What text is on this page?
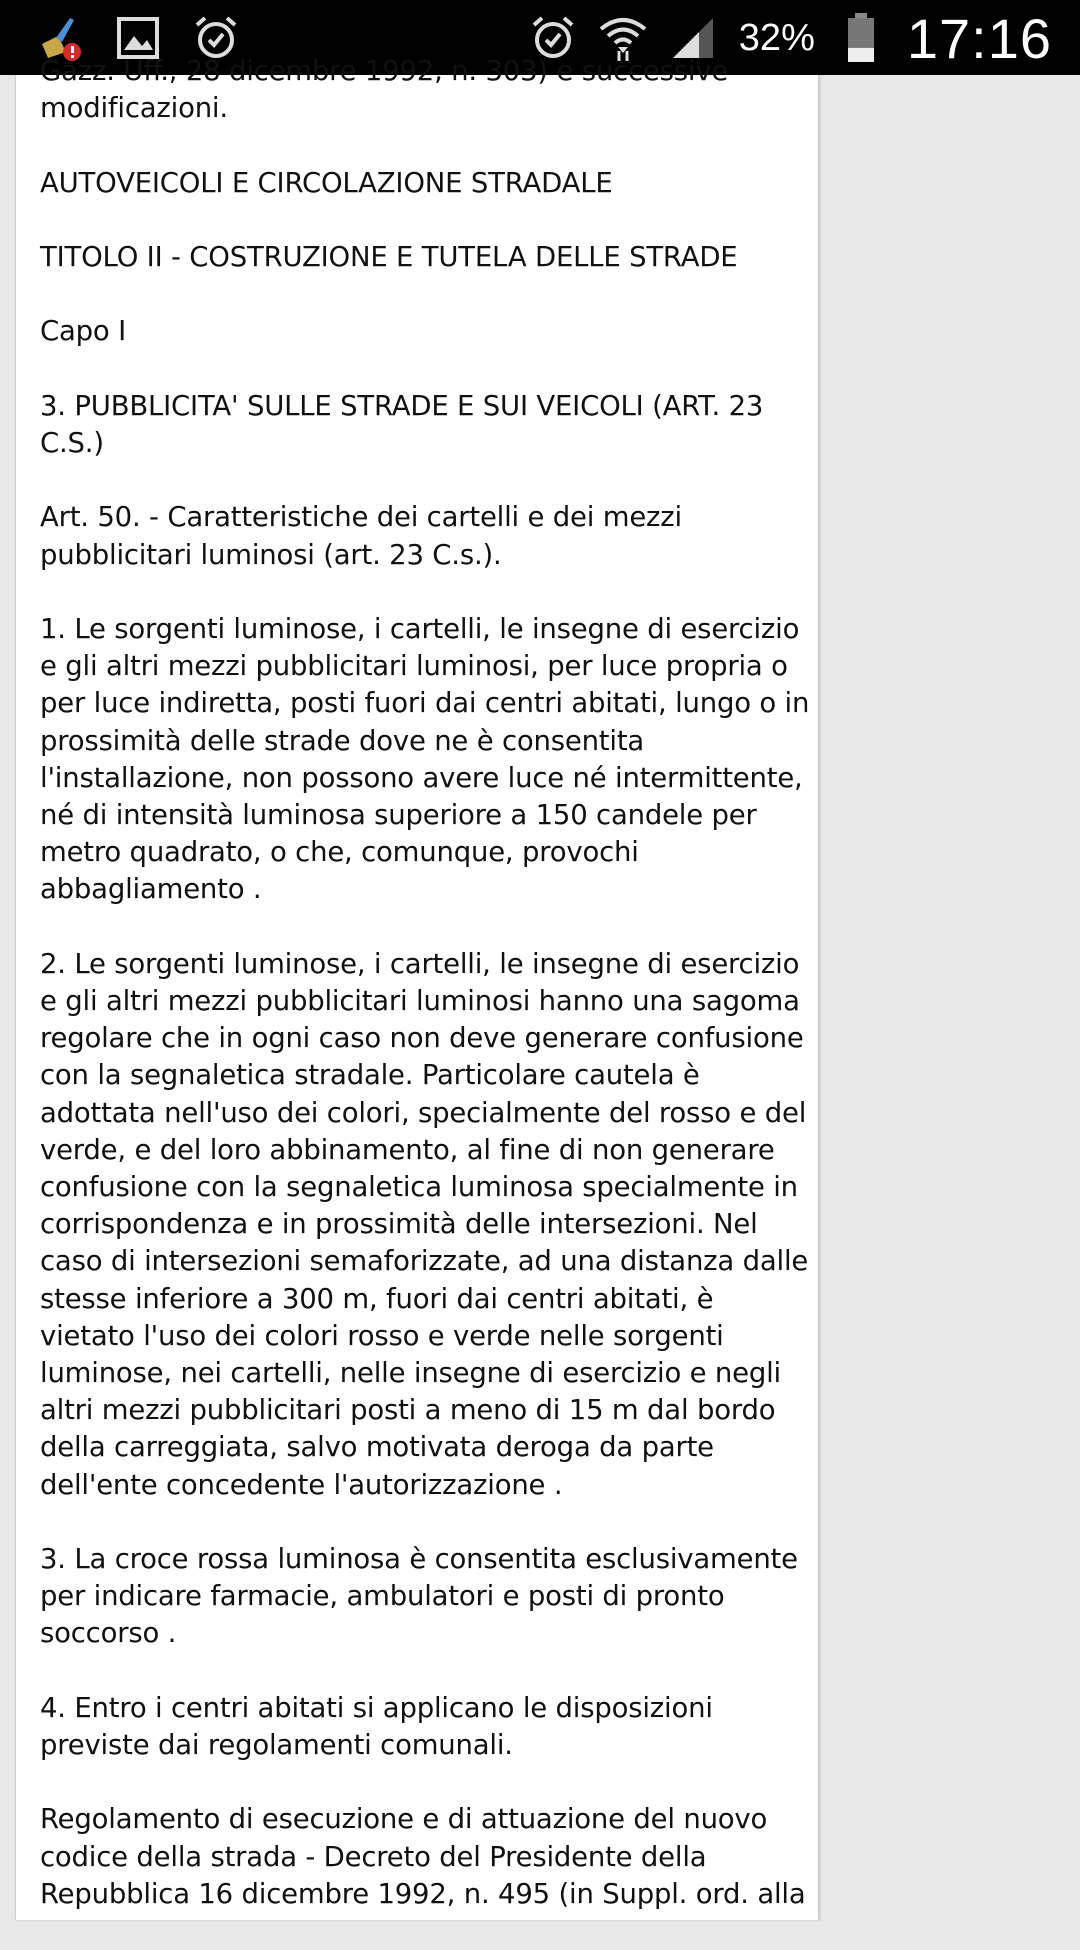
32% 17:16

Gazz. Uff., 28 dicembre 1992, n. 303) e successive modificazioni.

AUTOVEICOLI E CIRCOLAZIONE STRADALE

TITOLO II - COSTRUZIONE E TUTELA DELLE STRADE

Capo I

3. PUBBLICITA' SULLE STRADE E SUI VEICOLI (ART. 23 C.S.)

Art. 50. - Caratteristiche dei cartelli e dei mezzi pubblicitari luminosi (art. 23 C.s.).

1. Le sorgenti luminose, i cartelli, le insegne di esercizio e gli altri mezzi pubblicitari luminosi, per luce propria o per luce indiretta, posti fuori dai centri abitati, lungo o in prossimità delle strade dove ne è consentita l'installazione, non possono avere luce né intermittente, né di intensità luminosa superiore a 150 candele per metro quadrato, o che, comunque, provochi abbagliamento .

2. Le sorgenti luminose, i cartelli, le insegne di esercizio e gli altri mezzi pubblicitari luminosi hanno una sagoma regolare che in ogni caso non deve generare confusione con la segnaletica stradale. Particolare cautela è adottata nell'uso dei colori, specialmente del rosso e del verde, e del loro abbinamento, al fine di non generare confusione con la segnaletica luminosa specialmente in corrispondenza e in prossimità delle intersezioni. Nel caso di intersezioni semaforizzate, ad una distanza dalle stesse inferiore a 300 m, fuori dai centri abitati, è vietato l'uso dei colori rosso e verde nelle sorgenti luminose, nei cartelli, nelle insegne di esercizio e negli altri mezzi pubblicitari posti a meno di 15 m dal bordo della carreggiata, salvo motivata deroga da parte dell'ente concedente l'autorizzazione .

3. La croce rossa luminosa è consentita esclusivamente per indicare farmacie, ambulatori e posti di pronto soccorso .

4. Entro i centri abitati si applicano le disposizioni previste dai regolamenti comunali.

Regolamento di esecuzione e di attuazione del nuovo codice della strada - Decreto del Presidente della Repubblica 16 dicembre 1992, n. 495 (in Suppl. ord. alla
